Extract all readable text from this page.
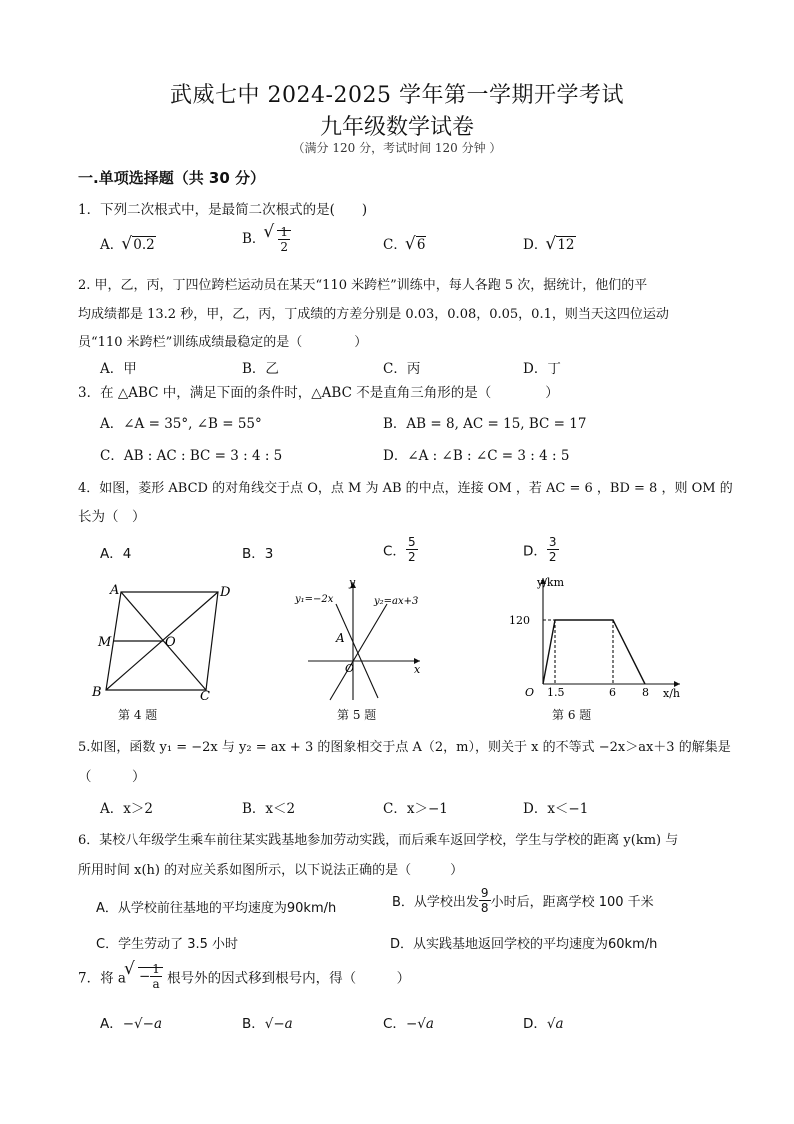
武威七中 2024-2025 学年第一学期开学考试
九年级数学试卷
（满分 120 分，考试时间 120 分钟 ）
一.单项选择题（共 30 分）
1．下列二次根式中，是最简二次根式的是(　　)
A．√ 0.2	B．
√ $\frac{1}{2}$	C．√ 6	D．√ 12
2. 甲，乙，丙，丁四位跨栏运动员在某天“110 米跨栏”训练中，每人各跑 5 次，据统计，他们的平
均成绩都是 13.2 秒，甲，乙，丙，丁成绩的方差分别是 0.03，0.08，0.05，0.1，则当天这四位运动
员“110 米跨栏”训练成绩最稳定的是（　　　　）
A．甲	B．乙	C．丙	D．丁
3．在 △ABC 中，满足下面的条件时，△ABC 不是直角三角形的是（　　　　）
A．∠A = 35°, ∠B = 55°	B．AB = 8, AC = 15, BC = 17
C．AB : AC : BC = 3 : 4 : 5	D．∠A : ∠B : ∠C = 3 : 4 : 5
4．如图，菱形 ABCD 的对角线交于点 O，点 M 为 AB 的中点，连接 OM ，若 AC = 6 ，BD = 8 ，则 OM 的
长为（　）
A．4	B．3	C． $\frac{5}{2}$	D． $\frac{3}{2}$
A	D
M	O
B	C
第 4 题
y
x
O
A
y₁=−2x	y₂=ax+3
第 5 题
y/km
x/h
O
120
1.5	6 8
第 6 题
5.如图，函数 y₁ = −2x 与 y₂ = ax + 3 的图象相交于点 A（2，m），则关于 x 的不等式 −2x＞ax＋3 的解集是
（　　　）
A．x＞2	B．x＜2	C．x＞−1	D．x＜−1
6．某校八年级学生乘车前往某实践基地参加劳动实践，而后乘车返回学校，学生与学校的距离 y(km) 与
所用时间 x(h) 的对应关系如图所示，以下说法正确的是（　　　）
A．从学校前往基地的平均速度为90km/h	B．从学校出发 $\frac{9}{8}$ 小时后，距离学校 100 千米
C．学生劳动了 3.5 小时	D．从实践基地返回学校的平均速度为60km/h
7．将 $a√ - \frac{1}{a}$ 根号外的因式移到根号内，得（　　　）
A．−√−a	B．√−a	C．−√a	D．√a
